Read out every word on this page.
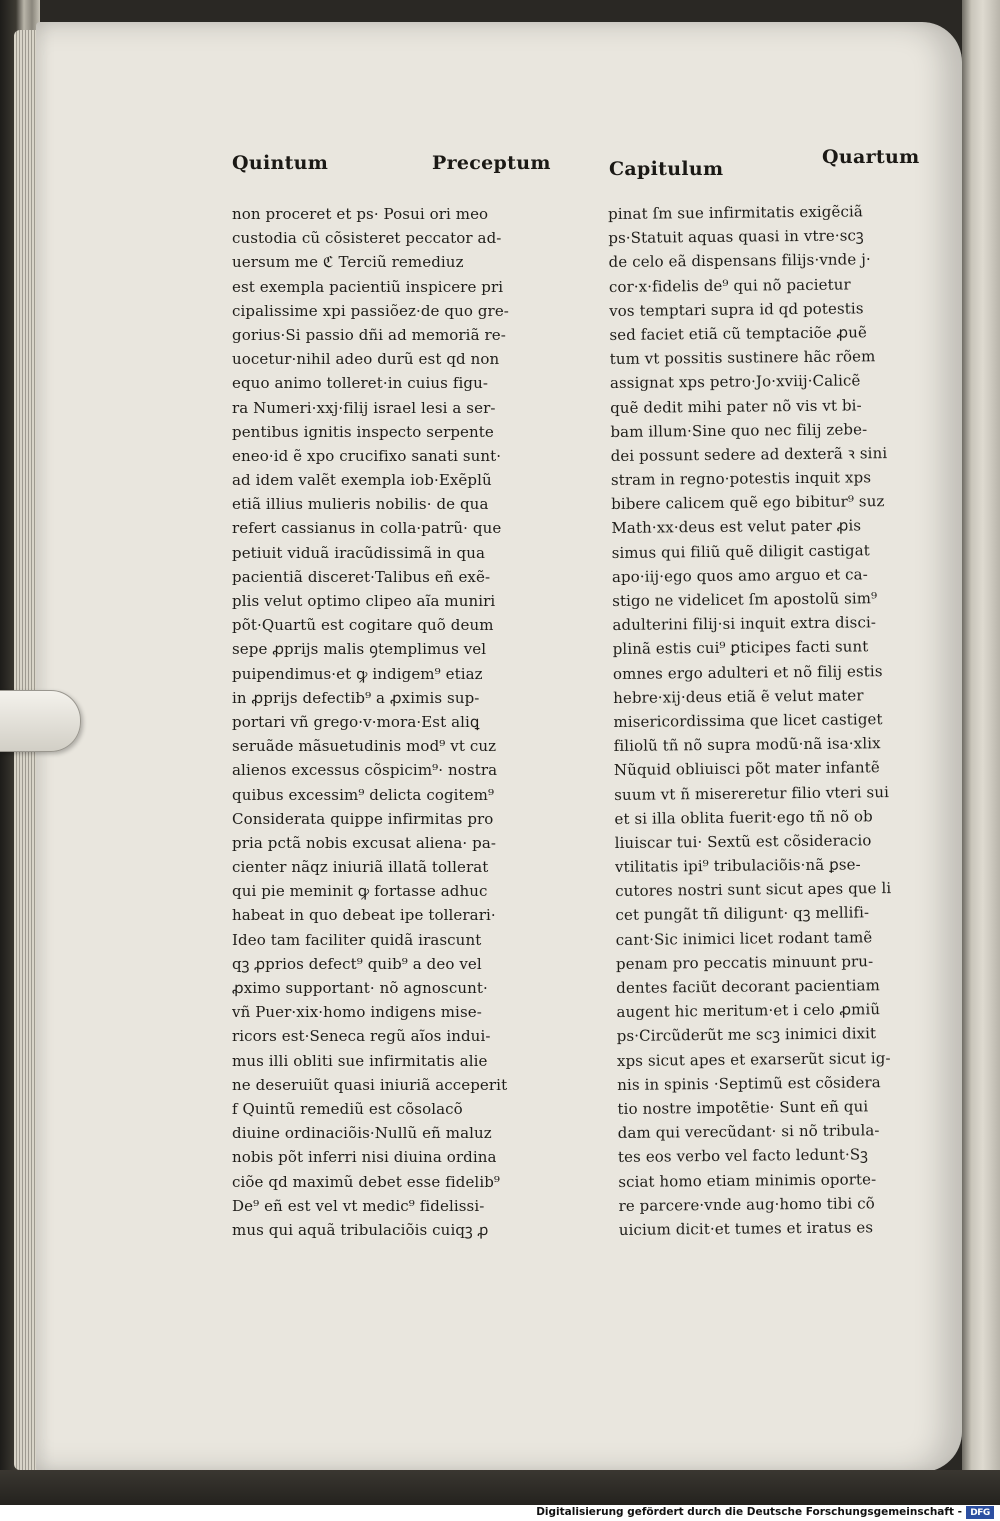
Quintum	Preceptum	Capitulum
Quartum
non proceret et ps· Posui ori meo
custodia cũ cõsisteret peccator ad-
uersum me ℭ Terciũ remediuz
est exempla pacientiũ inspicere pri
cipalissime xpi passiõez·de quo gre-
gorius·Si passio dñi ad memoriã re-
uocetur·nihil adeo durũ est qd non
equo animo tolleret·in cuius figu-
ra Numeri·xxj·filij israel lesi a ser-
pentibus ignitis inspecto serpente
eneo·id ẽ xpo crucifixo sanati sunt·
ad idem valẽt exempla iob·Exẽplũ
etiã illius mulieris nobilis· de qua
refert cassianus in colla·patrũ· que
petiuit viduã iracũdissimã in qua
pacientiã disceret·Talibus eñ exẽ-
plis velut optimo clipeo aĩa muniri
põt·Quartũ est cogitare quõ deum
sepe ꝓprijs malis ꝯtemplimus vel
puipendimus·et ꝙ indigem⁹ etiaz
in ꝓprijs defectib⁹ a ꝓximis sup-
portari vñ grego·v·mora·Est aliꝗ
seruãde mãsuetudinis mod⁹ vt cuz
alienos excessus cõspicim⁹· nostra
quibus excessim⁹ delicta cogitem⁹
Considerata quippe infirmitas pro
pria pctã nobis excusat aliena· pa-
cienter nãqz iniuriã illatã tollerat
qui pie meminit ꝙ fortasse adhuc
habeat in quo debeat ipe tollerari·
Ideo tam faciliter quidã irascunt
qꝫ ꝓprios defect⁹ quib⁹ a deo vel
ꝓximo supportant· nõ agnoscunt·
vñ Puer·xix·homo indigens mise-
ricors est·Seneca regũ aĩos indui-
mus illi obliti sue infirmitatis alie
ne deseruiũt quasi iniuriã acceperit
f Quintũ remediũ est cõsolacõ
diuine ordinaciõis·Nullũ eñ maluz
nobis põt inferri nisi diuina ordina
ciõe qd maximũ debet esse fidelib⁹
De⁹ eñ est vel vt medic⁹ fidelissi-
mus qui aquã tribulaciõis cuiqꝫ ꝓ
pinat ſm sue infirmitatis exigẽciã
ps·Statuit aquas quasi in vtre·scꝫ
de celo eã dispensans filijs·vnde j·
cor·x·fidelis de⁹ qui nõ pacietur
vos temptari supra id qd potestis
sed faciet etiã cũ temptaciõe ꝓuẽ
tum vt possitis sustinere hãc rõem
assignat xps petro·Jo·xviij·Calicẽ
quẽ dedit mihi pater nõ vis vt bi-
bam illum·Sine quo nec filij zebe-
dei possunt sedere ad dexterã ꝛ sini
stram in regno·potestis inquit xps
bibere calicem quẽ ego bibitur⁹ suz
Math·xx·deus est velut pater ꝓis
simus qui filiũ quẽ diligit castigat
apo·iij·ego quos amo arguo et ca-
stigo ne videlicet ſm apostolũ sim⁹
adulterini filij·si inquit extra disci-
plinã estis cui⁹ ꝑticipes facti sunt
omnes ergo adulteri et nõ filij estis
hebre·xij·deus etiã ẽ velut mater
misericordissima que licet castiget
filiolũ tñ nõ supra modũ·nã isa·xlix
Nũquid obliuisci põt mater infantẽ
suum vt ñ misereretur filio vteri sui
et si illa oblita fuerit·ego tñ nõ ob
liuiscar tui· Sextũ est cõsideracio
vtilitatis ipi⁹ tribulaciõis·nã ꝑse-
cutores nostri sunt sicut apes que li
cet pungãt tñ diligunt· qꝫ mellifi-
cant·Sic inimici licet rodant tamẽ
penam pro peccatis minuunt pru-
dentes faciũt decorant pacientiam
augent hic meritum·et i celo ꝓmiũ
ps·Circũderũt me scꝫ inimici dixit
xps sicut apes et exarserũt sicut ig-
nis in spinis ·Septimũ est cõsidera
tio nostre impotẽtie· Sunt eñ qui
dam qui verecũdant· si nõ tribula-
tes eos verbo vel facto ledunt·Sꝫ
sciat homo etiam minimis oporte-
re parcere·vnde aug·homo tibi cõ
uicium dicit·et tumes et iratus es
Digitalisierung gefördert durch die Deutsche Forschungsgemeinschaft - DFG
